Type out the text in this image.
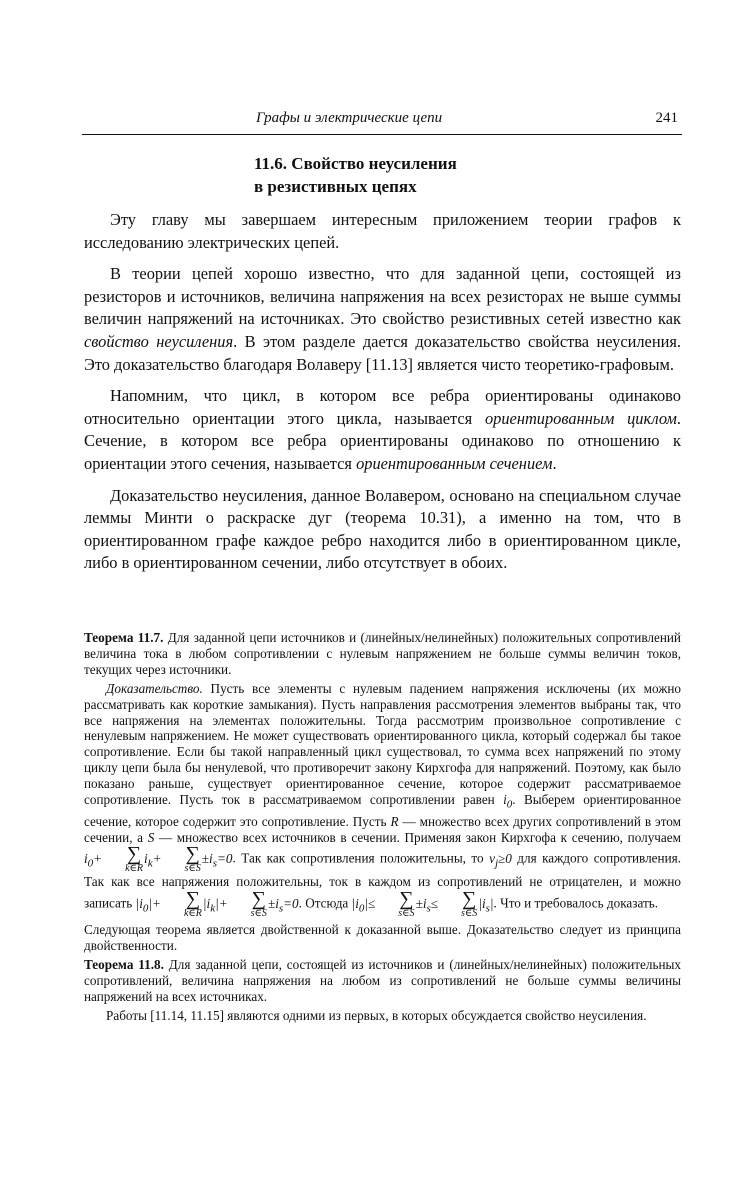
Графы и электрические цепи	241
11.6. Свойство неусиления
в резистивных цепях

Эту главу мы завершаем интересным приложением теории графов к исследованию электрических цепей.

В теории цепей хорошо известно, что для заданной цепи, состоящей из резисторов и источников, величина напряжения на всех резисторах не выше суммы величин напряжений на источниках. Это свойство резистивных сетей известно как свойство неусиления. В этом разделе дается доказательство свойства неусиления. Это доказательство благодаря Волаверу [11.13] является чисто теоретико-графовым.

Напомним, что цикл, в котором все ребра ориентированы одинаково относительно ориентации этого цикла, называется ориентированным циклом. Сечение, в котором все ребра ориентированы одинаково по отношению к ориентации этого сечения, называется ориентированным сечением.

Доказательство неусиления, данное Волавером, основано на специальном случае леммы Минти о раскраске дуг (теорема 10.31), а именно на том, что в ориентированном графе каждое ребро находится либо в ориентированном цикле, либо в ориентированном сечении, либо отсутствует в обоих.

Теорема 11.7. Для заданной цепи источников и (линейных/нелинейных) положительных сопротивлений величина тока в любом сопротивлении с нулевым напряжением не больше суммы величин токов, текущих через источники.

Доказательство. Пусть все элементы с нулевым падением напряжения исключены (их можно рассматривать как короткие замыкания). Пусть направления рассмотрения элементов выбраны так, что все напряжения на элементах положительны. Тогда рассмотрим произвольное сопротивление с ненулевым напряжением. Не может существовать ориентированного цикла, который содержал бы такое сопротивление. Если бы такой направленный цикл существовал, то сумма всех напряжений по этому циклу цепи была бы ненулевой, что противоречит закону Кирхгофа для напряжений. Поэтому, как было показано раньше, существует ориентированное сечение, которое содержит рассматриваемое сопротивление. Пусть ток в рассматриваемом сопротивлении равен $i_0$. Выберем ориентированное сечение, которое содержит это сопротивление. Пусть R — множество всех других сопротивлений в этом сечении, а S — множество всех источников в сечении. Применяя закон Кирхгофа к сечению, получаем $i_0+$	∑
k∈R
$i_k+$	∑
s∈S
$\pm i_s=0$. Так как сопротивления положительны, то $v_j\ge 0$ для каждого сопротивления. Так как все напряжения положительны, ток в каждом из сопротивлений не отрицателен, и можно записать $|i_0|+$	∑
k∈R
$|i_k|+$	∑
s∈S
$\pm i_s=0$. Отсюда $|i_0|\le$	∑
s∈S
$\pm i_s\le$	∑
s∈S
$|i_s|$. Что и требовалось доказать.

Следующая теорема является двойственной к доказанной выше. Доказательство следует из принципа двойственности.

Теорема 11.8. Для заданной цепи, состоящей из источников и (линейных/нелинейных) положительных сопротивлений, величина напряжения на любом из сопротивлений не больше суммы величины напряжений на всех источниках.

Работы [11.14, 11.15] являются одними из первых, в которых обсуждается свойство неусиления.
